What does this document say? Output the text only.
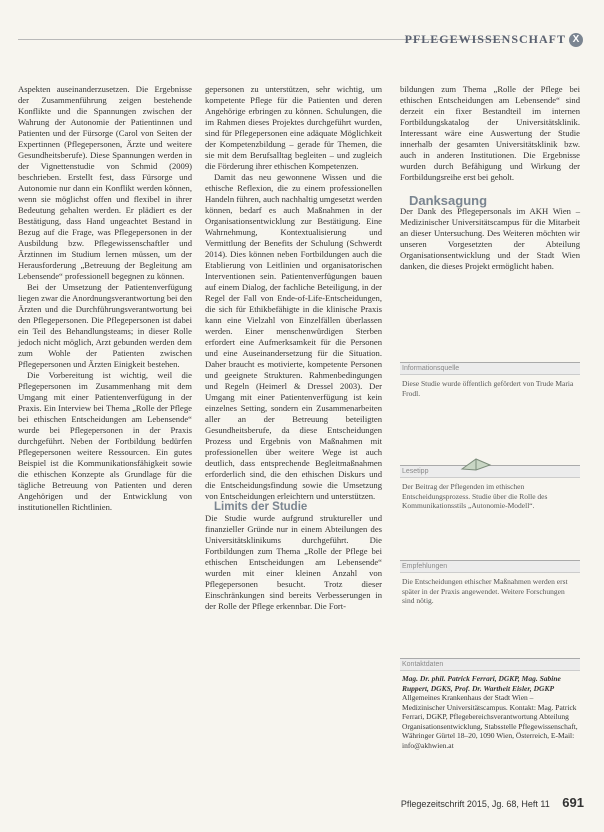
PFLEGEWISSENSCHAFT X

Aspekten auseinanderzusetzen. Die Ergebnisse der Zusammenführung zeigen bestehende Konflikte und die Spannungen zwischen der Wahrung der Autonomie der Patientinnen und Patienten und der Fürsorge (Carol von Seiten der Expertinnen (Pflegepersonen, Ärzte und weitere Gesundheitsberufe). Diese Spannungen werden in der Vignettenstudie von Schmid (2009) beschrieben. Erstellt fest, dass Fürsorge und Autonomie nur dann ein Konflikt werden können, wenn sie möglichst offen und flexibel in ihrer Bedeutung gehalten werden. Er plädiert es der Bestätigung, dass Hand ungeachtet Bestand in Bezug auf die Frage, was Pflegepersonen in der Ausbildung bzw. Pflegewissenschaftler und Ärztinnen im Studium lernen müssen, um der Herausforderung „Betreuung der Begleitung am Lebensende“ professionell begegnen zu können.

Bei der Umsetzung der Patientenverfügung liegen zwar die Anordnungsverantwortung bei den Ärzten und die Durchführungsverantwortung bei den Pflegepersonen. Die Pflegepersonen ist dabei ein Teil des Behandlungsteams; in dieser Rolle jedoch nicht möglich, Arzt gebunden werden dem zum Wohle der Patienten zwischen Pflegepersonen und Ärzten Einigkeit bestehen.

Die Vorbereitung ist wichtig, weil die Pflegepersonen im Zusammenhang mit dem Umgang mit einer Patientenverfügung in der Praxis. Ein Interview bei Thema „Rolle der Pflege bei ethischen Entscheidungen am Lebensende“ wurde bei Pflegepersonen in der Praxis durchgeführt. Neben der Fortbildung bedürfen Pflegepersonen weitere Ressourcen. Ein gutes Beispiel ist die Kommunikationsfähigkeit sowie die ethischen Konzepte als Grundlage für die tägliche Betreuung von Patienten und deren Angehörigen und der Entwicklung von institutionellen Richtlinien.

gepersonen zu unterstützen, sehr wichtig, um kompetente Pflege für die Patienten und deren Angehörige erbringen zu können. Schulungen, die im Rahmen dieses Projektes durchgeführt wurden, sind für Pflegepersonen eine adäquate Möglichkeit der Kompetenzbildung – gerade für Themen, die sie mit dem Berufsalltag begleiten – und zugleich die Förderung ihrer ethischen Kompetenzen.

Damit das neu gewonnene Wissen und die ethische Reflexion, die zu einem professionellen Handeln führen, auch nachhaltig umgesetzt werden können, bedarf es auch Maßnahmen in der Organisationsentwicklung zur Bestätigung. Eine Wahrnehmung, Kontextualisierung und Vermittlung der Benefits der Schulung (Schwerdt 2014). Dies können neben Fortbildungen auch die Etablierung von Leitlinien und organisatorischen Interventionen sein. Patientenverfügungen bauen auf einem Dialog, der fachliche Beteiligung, in der Regel der Fall von Ende-of-Life-Entscheidungen, die sich für Ethikbefähigte in die klinische Praxis kann eine Vielzahl von Einzelfällen überlassen werden. Einer menschenwürdigen Sterben erfordert eine Aufmerksamkeit für die Personen und eine Auseinandersetzung für die Situation. Daher braucht es motivierte, kompetente Personen und geeignete Strukturen. Rahmenbedingungen und Regeln (Heimerl & Dressel 2003). Der Umgang mit einer Patientenverfügung ist kein einzelnes Setting, sondern ein Zusammenarbeiten aller an der Betreuung beteiligten Gesundheitsberufe, da diese Entscheidungen Prozess und Ergebnis von Maßnahmen mit professionellen über weitere Wege ist auch deutlich, dass entsprechende Begleitmaßnahmen erforderlich sind, die den ethischen Diskurs und die Entscheidungsfindung sowie die Umsetzung von Entscheidungen erleichtern und unterstützen.

Limits der Studie

Die Studie wurde aufgrund struktureller und finanzieller Gründe nur in einem Abteilungen des Universitätsklinikums durchgeführt. Die Fortbildungen zum Thema „Rolle der Pflege bei ethischen Entscheidungen am Lebensende“ wurden mit einer kleinen Anzahl von Pflegepersonen besucht. Trotz dieser Einschränkungen sind bereits Verbesserungen in der Rolle der Pflege erkennbar. Die Fort-

bildungen zum Thema „Rolle der Pflege bei ethischen Entscheidungen am Lebensende“ sind derzeit ein fixer Bestandteil im internen Fortbildungskatalog der Universitätsklinik. Interessant wäre eine Auswertung der Studie innerhalb der gesamten Universitätsklinik bzw. auch in anderen Institutionen. Die Ergebnisse wurden durch Befähigung und Wirkung der Fortbildungsreihe erst bei geholt.

Danksagung

Der Dank des Pflegepersonals im AKH Wien – Medizinischer Universitätscampus für die Mitarbeit an dieser Untersuchung. Des Weiteren möchten wir unseren Vorgesetzten der Abteilung Organisationsentwicklung und der Stadt Wien danken, die dieses Projekt ermöglicht haben.

Informationsquelle
Diese Studie wurde öffentlich gefördert von Trude Maria Frodl.
Lesetipp
Der Beitrag der Pflegenden im ethischen Entscheidungsprozess. Studie über die Rolle des Kommunikationsstils „Autonomie-Modell“.
Empfehlungen
Die Entscheidungen ethischer Maßnahmen werden erst später in der Praxis angewendet. Weitere Forschungen sind nötig.
Kontaktdaten
Mag. Dr. phil. Patrick Ferrari, DGKP, Mag. Sabine Ruppert, DGKS, Prof. Dr. Wartheit Eisler, DGKP
Allgemeines Krankenhaus der Stadt Wien – Medizinischer Universitätscampus. Kontakt: Mag. Patrick Ferrari, DGKP, Pflegebereichsverantwortung Abteilung Organisationsentwicklung, Stabsstelle Pflegewissenschaft, Währinger Gürtel 18–20, 1090 Wien, Österreich, E-Mail: info@akhwien.at
Pflegezeitschrift 2015, Jg. 68, Heft 11 691
